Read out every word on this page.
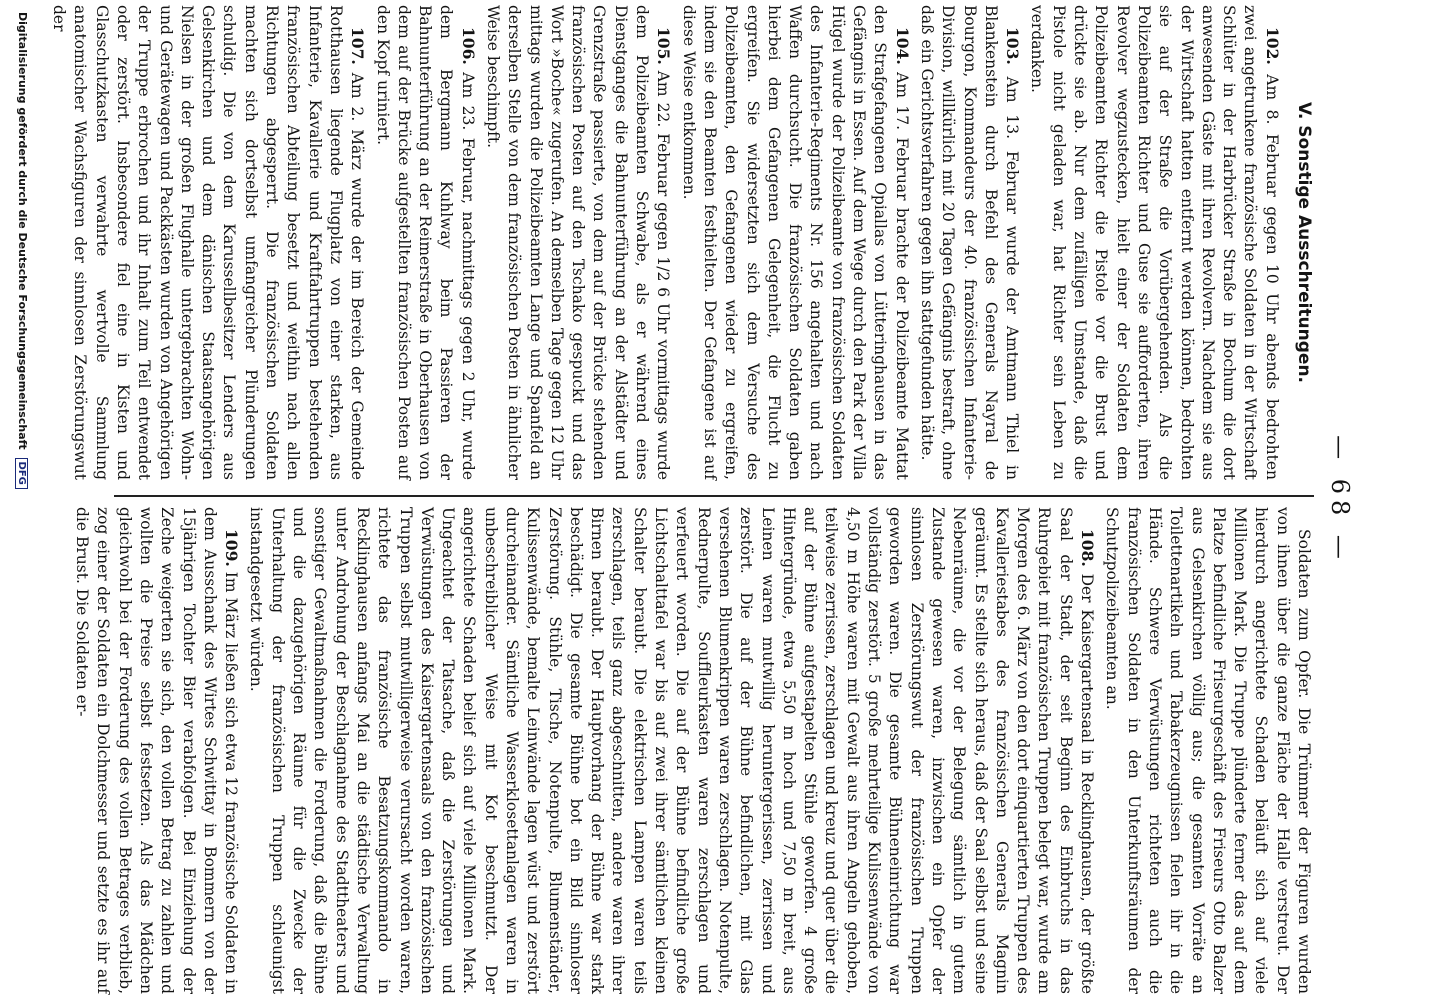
— 68 —
V. Sonstige Ausschreitungen.

102. Am 8. Februar gegen 10 Uhr abends bedrohten zwei angetrunkene französische Soldaten in der Wirtschaft Schlüter in der Harbrücker Straße in Bochum die dort anwesenden Gäste mit ihren Revolvern. Nachdem sie aus der Wirtschaft hatten entfernt werden können, bedrohten sie auf der Straße die Vorübergehenden. Als die Polizeibeamten Richter und Guse sie aufforderten, ihren Revolver wegzustecken, hielt einer der Soldaten dem Polizeibeamten Richter die Pistole vor die Brust und drückte sie ab. Nur dem zufälligen Umstande, daß die Pistole nicht geladen war, hat Richter sein Leben zu verdanken.

103. Am 13. Februar wurde der Amtmann Thiel in Blankenstein durch Befehl des Generals Nayral de Bourgon, Kommandeurs der 40. französischen Infanterie-Division, willkürlich mit 20 Tagen Gefängnis bestraft, ohne daß ein Gerichtsverfahren gegen ihn stattgefunden hätte.

104. Am 17. Februar brachte der Polizeibeamte Mattat den Strafgefangenen Opiallas von Lütteringhausen in das Gefängnis in Essen. Auf dem Wege durch den Park der Villa Hügel wurde der Polizeibeamte von französischen Soldaten des Infanterie-Regiments Nr. 156 angehalten und nach Waffen durchsucht. Die französischen Soldaten gaben hierbei dem Gefangenen Gelegenheit, die Flucht zu ergreifen. Sie widersetzten sich dem Versuche des Polizeibeamten, den Gefangenen wieder zu ergreifen, indem sie den Beamten festhielten. Der Gefangene ist auf diese Weise entkommen.

105. Am 22. Februar gegen 1/2 6 Uhr vormittags wurde dem Polizeibeamten Schwabe, als er während eines Dienstganges die Bahnunterführung an der Alstädter und Grenzstraße passierte, von dem auf der Brücke stehenden französischen Posten auf den Tschako gespuckt und das Wort »Boche« zugerufen. An demselben Tage gegen 12 Uhr mittags wurden die Polizeibeamten Lange und Spanfeld an derselben Stelle von dem französischen Posten in ähnlicher Weise beschimpft.

106. Am 23. Februar, nachmittags gegen 2 Uhr, wurde dem Bergmann Kuhlway beim Passieren der Bahnunterführung an der Reimerstraße in Oberhausen von dem auf der Brücke aufgestellten französischen Posten auf den Kopf uriniert.

107. Am 2. März wurde der im Bereich der Gemeinde Rotthausen liegende Flugplatz von einer starken, aus Infanterie, Kavallerie und Kraftfahrtruppen bestehenden französischen Abteilung besetzt und weithin nach allen Richtungen abgesperrt. Die französischen Soldaten machten sich dortselbst umfangreicher Plünderungen schuldig. Die von dem Karussellbesitzer Lenders aus Gelsenkirchen und dem dänischen Staatsangehörigen Nielsen in der großen Flughalle untergebrachten Wohn- und Gerätewagen und Packkästen wurden von Angehörigen der Truppe erbrochen und ihr Inhalt zum Teil entwendet oder zerstört. Insbesondere fiel eine in Kisten und Glasschutzkasten verwahrte wertvolle Sammlung anatomischer Wachsfiguren der sinnlosen Zerstörungswut der

Soldaten zum Opfer. Die Trümmer der Figuren wurden von ihnen über die ganze Fläche der Halle verstreut. Der hierdurch angerichtete Schaden beläuft sich auf viele Millionen Mark. Die Truppe plünderte ferner das auf dem Platze befindliche Friseurgeschäft des Friseurs Otto Balzer aus Gelsenkirchen völlig aus; die gesamten Vorräte an Toilettenartikeln und Tabakerzeugnissen fielen ihr in die Hände. Schwere Verwüstungen richteten auch die französischen Soldaten in den Unterkunftsräumen der Schutzpolizeibeamten an.

108. Der Kaisergartensaal in Recklinghausen, der größte Saal der Stadt, der seit Beginn des Einbruchs in das Ruhrgebiet mit französischen Truppen belegt war, wurde am Morgen des 6. März von den dort einquartierten Truppen des Kavalleriestabes des französischen Generals Magnin geräumt. Es stellte sich heraus, daß der Saal selbst und seine Nebenräume, die vor der Belegung sämtlich in gutem Zustande gewesen waren, inzwischen ein Opfer der sinnlosen Zerstörungswut der französischen Truppen geworden waren. Die gesamte Bühneneinrichtung war vollständig zerstört. 5 große mehrteilige Kulissenwände von 4,50 m Höhe waren mit Gewalt aus ihren Angeln gehoben, teilweise zerrissen, zerschlagen und kreuz und quer über die auf der Bühne aufgestapelten Stühle geworfen. 4 große Hintergründe, etwa 5,50 m hoch und 7,50 m breit, aus Leinen waren mutwillig heruntergerissen, zerrissen und zerstört. Die auf der Bühne befindlichen, mit Glas versehenen Blumenkrippen waren zerschlagen. Notenpulte, Rednerpulte, Soufflеurkasten waren zerschlagen und verfeuert worden. Die auf der Bühne befindliche große Lichtschalttafel war bis auf zwei ihrer sämtlichen kleinen Schalter beraubt. Die elektrischen Lampen waren teils zerschlagen, teils ganz abgeschnitten, andere waren ihrer Birnen beraubt. Der Hauptvorhang der Bühne war stark beschädigt. Die gesamte Bühne bot ein Bild sinnloser Zerstörung. Stühle, Tische, Notenpulte, Blumenständer, Kulissenwände, bemalte Leinwände lagen wüst und zerstört durcheinander. Sämtliche Wasserklosettanlagen waren in unbeschreiblicher Weise mit Kot beschmutzt. Der angerichtete Schaden belief sich auf viele Millionen Mark. Ungeachtet der Tatsache, daß die Zerstörungen und Verwüstungen des Kaisergartensaals von den französischen Truppen selbst mutwilligerweise verursacht worden waren, richtete das französische Besatzungskommando in Recklinghausen anfangs Mai an die städtische Verwaltung unter Androhung der Beschlagnahme des Stadttheaters und sonstiger Gewaltmaßnahmen die Forderung, daß die Bühne und die dazugehörigen Räume für die Zwecke der Unterhaltung der französischen Truppen schleunigst instandgesetzt würden.

109. Im März ließen sich etwa 12 französische Soldaten in dem Ausschank des Wirtes Schwittay in Bommern von der 15jährigen Tochter Bier verabfolgen. Bei Einziehung der Zeche weigerten sie sich, den vollen Betrag zu zahlen und wollten die Preise selbst festsetzen. Als das Mädchen gleichwohl bei der Forderung des vollen Betrages verblieb, zog einer der Soldaten ein Dolchmesser und setzte es ihr auf die Brust. Die Soldaten er-

Digitalisierung gefördert durch die Deutsche Forschungsgemeinschaft DFG
